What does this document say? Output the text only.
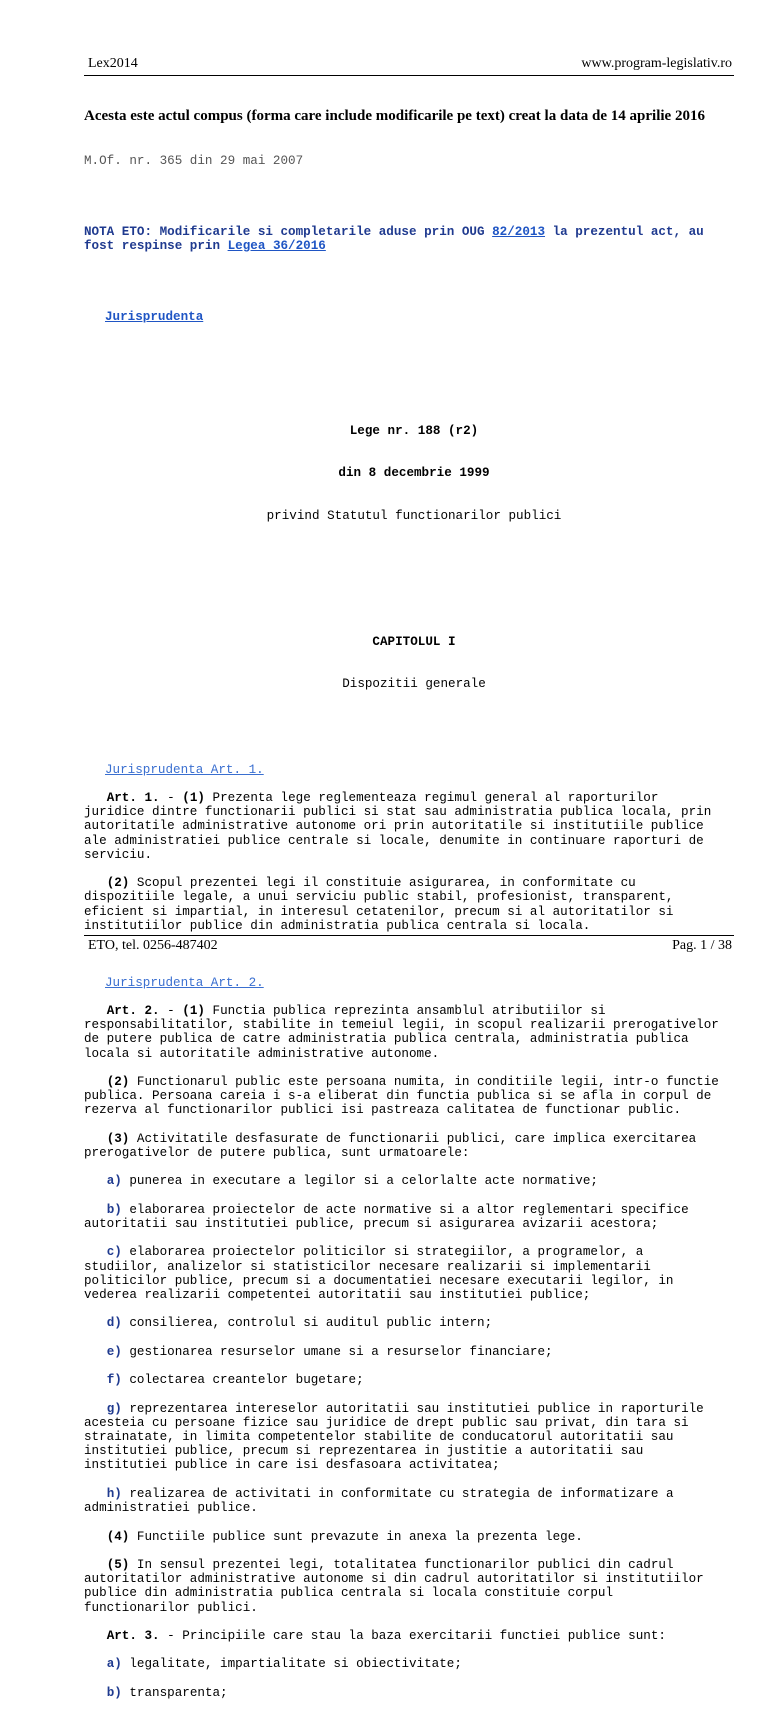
Lex2014	www.program-legislativ.ro

Acesta este actul compus (forma care include modificarile pe text) creat la data de 14 aprilie 2016

M.Of. nr. 365 din 29 mai 2007

NOTA ETO: Modificarile si completarile aduse prin OUG 82/2013 la prezentul act, au
fost respinse prin Legea 36/2016

Jurisprudenta

Lege nr. 188 (r2)

din 8 decembrie 1999

privind Statutul functionarilor publici

CAPITOLUL I

Dispozitii generale

Jurisprudenta Art. 1.

Art. 1. - (1) Prezenta lege reglementeaza regimul general al raporturilor
juridice dintre functionarii publici si stat sau administratia publica locala, prin
autoritatile administrative autonome ori prin autoritatile si institutiile publice
ale administratiei publice centrale si locale, denumite in continuare raporturi de
serviciu.

(2) Scopul prezentei legi il constituie asigurarea, in conformitate cu
dispozitiile legale, a unui serviciu public stabil, profesionist, transparent,
eficient si impartial, in interesul cetatenilor, precum si al autoritatilor si
institutiilor publice din administratia publica centrala si locala.

Jurisprudenta Art. 2.

Art. 2. - (1) Functia publica reprezinta ansamblul atributiilor si
responsabilitatilor, stabilite in temeiul legii, in scopul realizarii prerogativelor
de putere publica de catre administratia publica centrala, administratia publica
locala si autoritatile administrative autonome.

(2) Functionarul public este persoana numita, in conditiile legii, intr-o functie
publica. Persoana careia i s-a eliberat din functia publica si se afla in corpul de
rezerva al functionarilor publici isi pastreaza calitatea de functionar public.

(3) Activitatile desfasurate de functionarii publici, care implica exercitarea
prerogativelor de putere publica, sunt urmatoarele:

a) punerea in executare a legilor si a celorlalte acte normative;

b) elaborarea proiectelor de acte normative si a altor reglementari specifice
autoritatii sau institutiei publice, precum si asigurarea avizarii acestora;

c) elaborarea proiectelor politicilor si strategiilor, a programelor, a
studiilor, analizelor si statisticilor necesare realizarii si implementarii
politicilor publice, precum si a documentatiei necesare executarii legilor, in
vederea realizarii competentei autoritatii sau institutiei publice;

d) consilierea, controlul si auditul public intern;

e) gestionarea resurselor umane si a resurselor financiare;

f) colectarea creantelor bugetare;

g) reprezentarea intereselor autoritatii sau institutiei publice in raporturile
acesteia cu persoane fizice sau juridice de drept public sau privat, din tara si
strainatate, in limita competentelor stabilite de conducatorul autoritatii sau
institutiei publice, precum si reprezentarea in justitie a autoritatii sau
institutiei publice in care isi desfasoara activitatea;

h) realizarea de activitati in conformitate cu strategia de informatizare a
administratiei publice.

(4) Functiile publice sunt prevazute in anexa la prezenta lege.

(5) In sensul prezentei legi, totalitatea functionarilor publici din cadrul
autoritatilor administrative autonome si din cadrul autoritatilor si institutiilor
publice din administratia publica centrala si locala constituie corpul
functionarilor publici.

Art. 3. - Principiile care stau la baza exercitarii functiei publice sunt:

a) legalitate, impartialitate si obiectivitate;

b) transparenta;

ETO, tel. 0256-487402	Pag. 1 / 38
